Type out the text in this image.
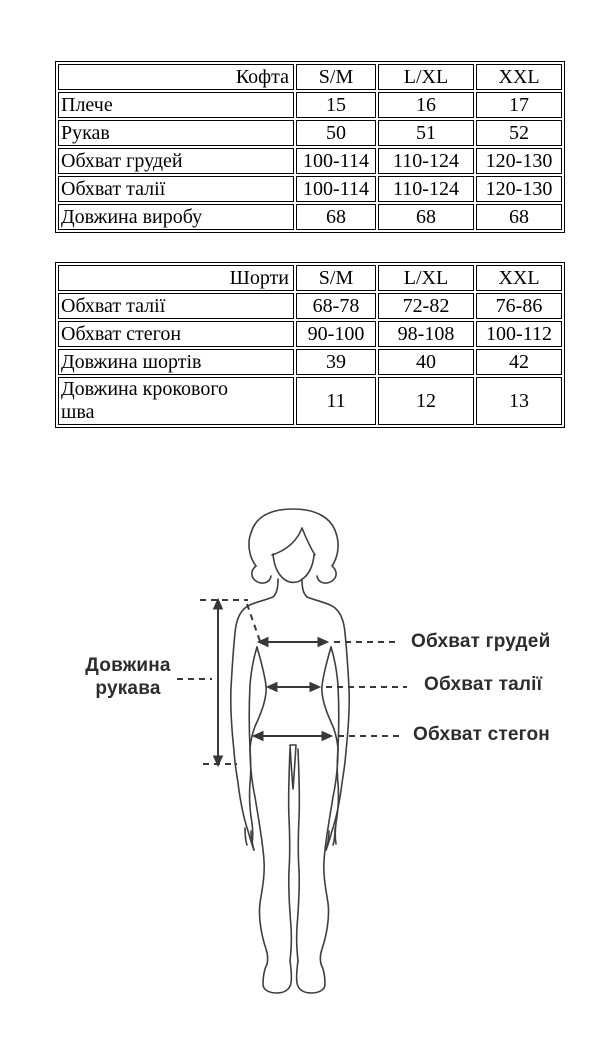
Кофта	S/M	L/XL	XXL
Плече	15	16	17
Рукав	50	51	52
Обхват грудей	100-114	110-124	120-130
Обхват талії	100-114	110-124	120-130
Довжина виробу	68	68	68
Шорти	S/M	L/XL	XXL
Обхват талії	68-78	72-82	76-86
Обхват стегон	90-100	98-108	100-112
Довжина шортів	39	40	42
Довжина крокового шва	11	12	13
Довжина рукава
Обхват грудей
Обхват талії
Обхват стегон
